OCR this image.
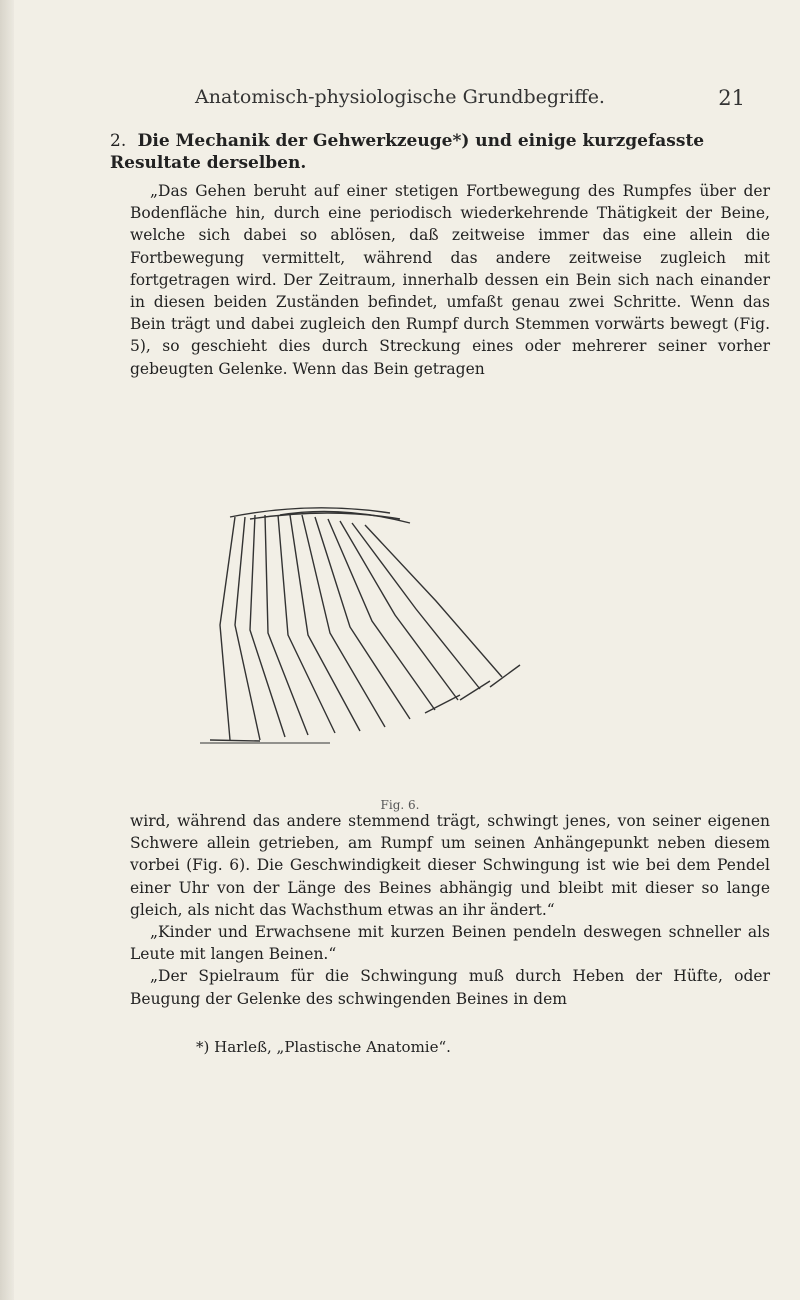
Anatomisch-physiologische Grundbegriffe.	21
2. Die Mechanik der Gehwerkzeuge*) und einige kurzgefasste Resultate derselben.

„Das Gehen beruht auf einer stetigen Fortbewegung des Rumpfes über der Bodenfläche hin, durch eine periodisch wiederkehrende Thätigkeit der Beine, welche sich dabei so ablösen, daß zeitweise immer das eine allein die Fortbewegung vermittelt, während das andere zeitweise zugleich mit fortgetragen wird. Der Zeitraum, innerhalb dessen ein Bein sich nach einander in diesen beiden Zuständen befindet, umfaßt genau zwei Schritte. Wenn das Bein trägt und dabei zugleich den Rumpf durch Stemmen vorwärts bewegt (Fig. 5), so geschieht dies durch Streckung eines oder mehrerer seiner vorher gebeugten Gelenke. Wenn das Bein getragen

Fig. 6.

wird, während das andere stemmend trägt, schwingt jenes, von seiner eigenen Schwere allein getrieben, am Rumpf um seinen Anhängepunkt neben diesem vorbei (Fig. 6). Die Geschwindigkeit dieser Schwingung ist wie bei dem Pendel einer Uhr von der Länge des Beines abhängig und bleibt mit dieser so lange gleich, als nicht das Wachsthum etwas an ihr ändert.“

„Kinder und Erwachsene mit kurzen Beinen pendeln deswegen schneller als Leute mit langen Beinen.“

„Der Spielraum für die Schwingung muß durch Heben der Hüfte, oder Beugung der Gelenke des schwingenden Beines in dem

*) Harleß, „Plastische Anatomie“.
